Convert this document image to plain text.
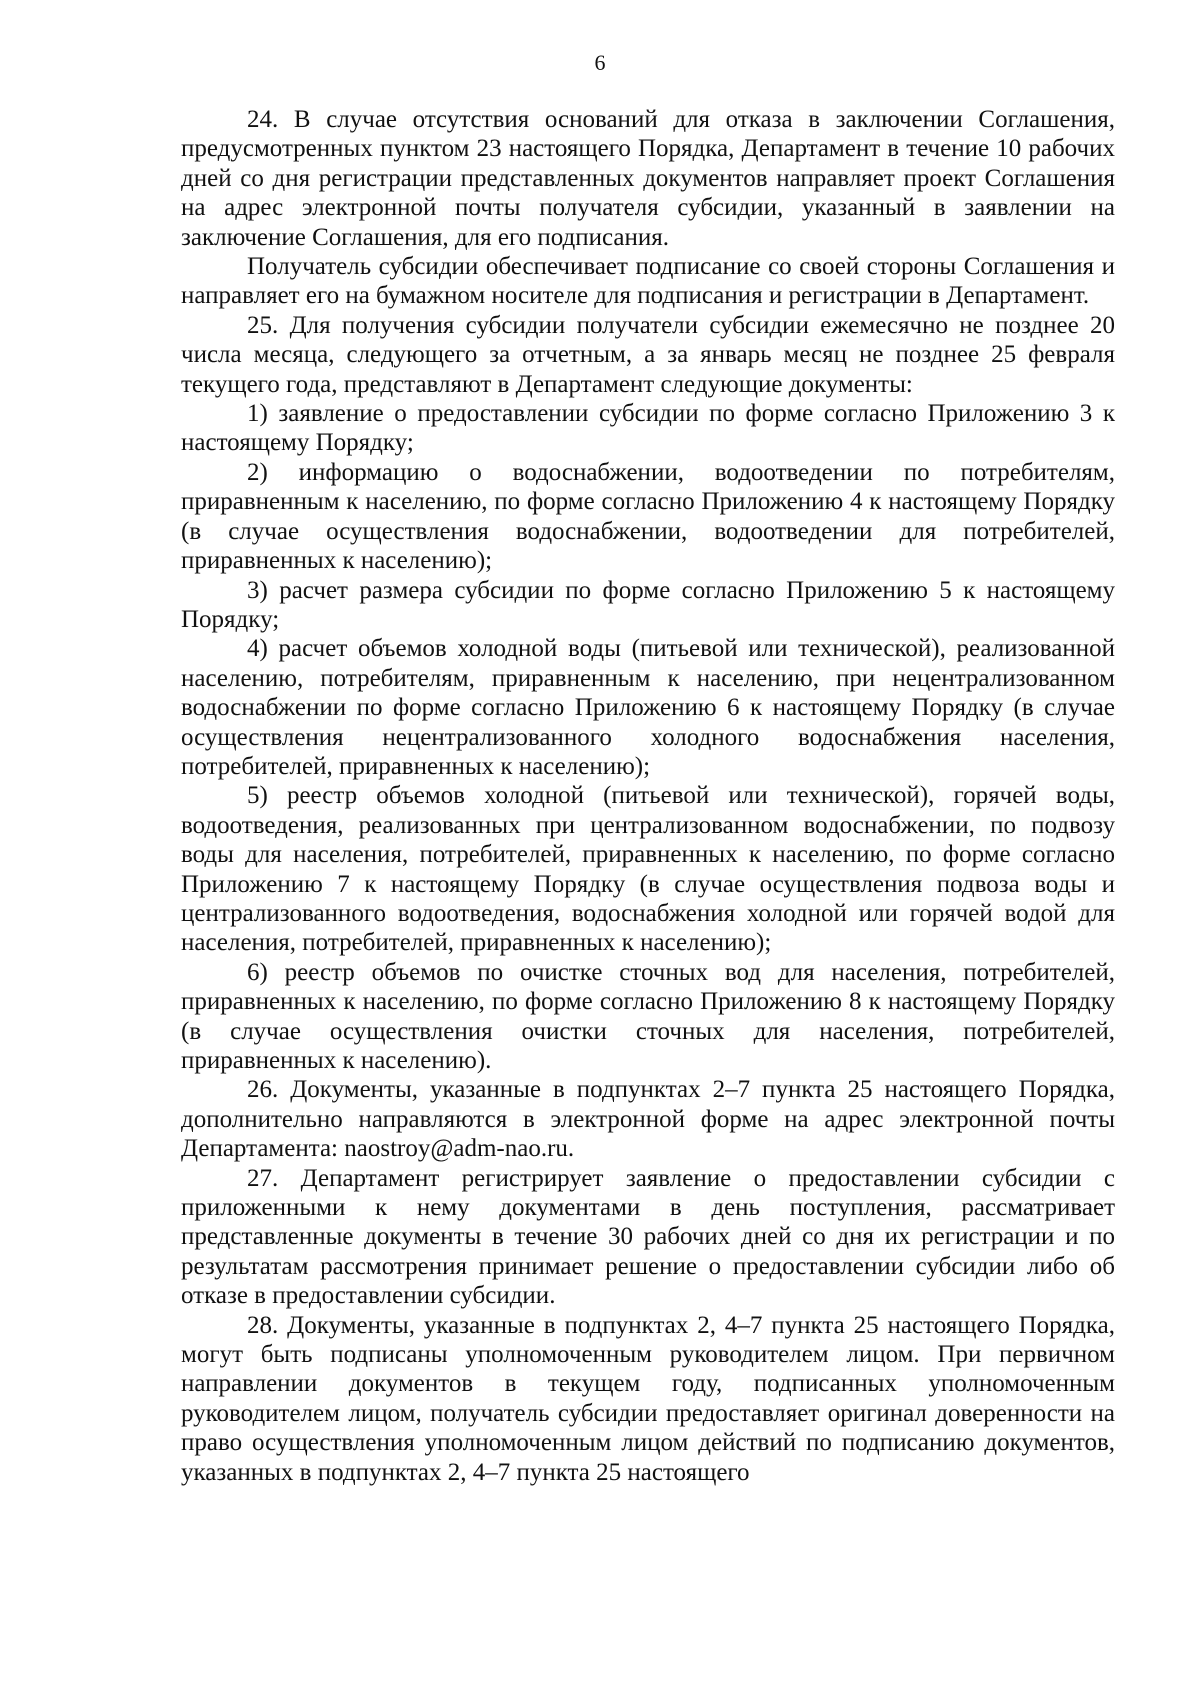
6

24. В случае отсутствия оснований для отказа в заключении Соглашения, предусмотренных пунктом 23 настоящего Порядка, Департамент в течение 10 рабочих дней со дня регистрации представленных документов направляет проект Соглашения на адрес электронной почты получателя субсидии, указанный в заявлении на заключение Соглашения, для его подписания.

Получатель субсидии обеспечивает подписание со своей стороны Соглашения и направляет его на бумажном носителе для подписания и регистрации в Департамент.

25. Для получения субсидии получатели субсидии ежемесячно не позднее 20 числа месяца, следующего за отчетным, а за январь месяц не позднее 25 февраля текущего года, представляют в Департамент следующие документы:

1) заявление о предоставлении субсидии по форме согласно Приложению 3 к настоящему Порядку;

2) информацию о водоснабжении, водоотведении по потребителям, приравненным к населению, по форме согласно Приложению 4 к настоящему Порядку (в случае осуществления водоснабжении, водоотведении для потребителей, приравненных к населению);

3) расчет размера субсидии по форме согласно Приложению 5 к настоящему Порядку;

4) расчет объемов холодной воды (питьевой или технической), реализованной населению, потребителям, приравненным к населению, при нецентрализованном водоснабжении по форме согласно Приложению 6 к настоящему Порядку (в случае осуществления нецентрализованного холодного водоснабжения населения, потребителей, приравненных к населению);

5) реестр объемов холодной (питьевой или технической), горячей воды, водоотведения, реализованных при централизованном водоснабжении, по подвозу воды для населения, потребителей, приравненных к населению, по форме согласно Приложению 7 к настоящему Порядку (в случае осуществления подвоза воды и централизованного водоотведения, водоснабжения холодной или горячей водой для населения, потребителей, приравненных к населению);

6) реестр объемов по очистке сточных вод для населения, потребителей, приравненных к населению, по форме согласно Приложению 8 к настоящему Порядку (в случае осуществления очистки сточных для населения, потребителей, приравненных к населению).

26. Документы, указанные в подпунктах 2–7 пункта 25 настоящего Порядка, дополнительно направляются в электронной форме на адрес электронной почты Департамента: naostroy@adm-nao.ru.

27. Департамент регистрирует заявление о предоставлении субсидии с приложенными к нему документами в день поступления, рассматривает представленные документы в течение 30 рабочих дней со дня их регистрации и по результатам рассмотрения принимает решение о предоставлении субсидии либо об отказе в предоставлении субсидии.

28. Документы, указанные в подпунктах 2, 4–7 пункта 25 настоящего Порядка, могут быть подписаны уполномоченным руководителем лицом. При первичном направлении документов в текущем году, подписанных уполномоченным руководителем лицом, получатель субсидии предоставляет оригинал доверенности на право осуществления уполномоченным лицом действий по подписанию документов, указанных в подпунктах 2, 4–7 пункта 25 настоящего
